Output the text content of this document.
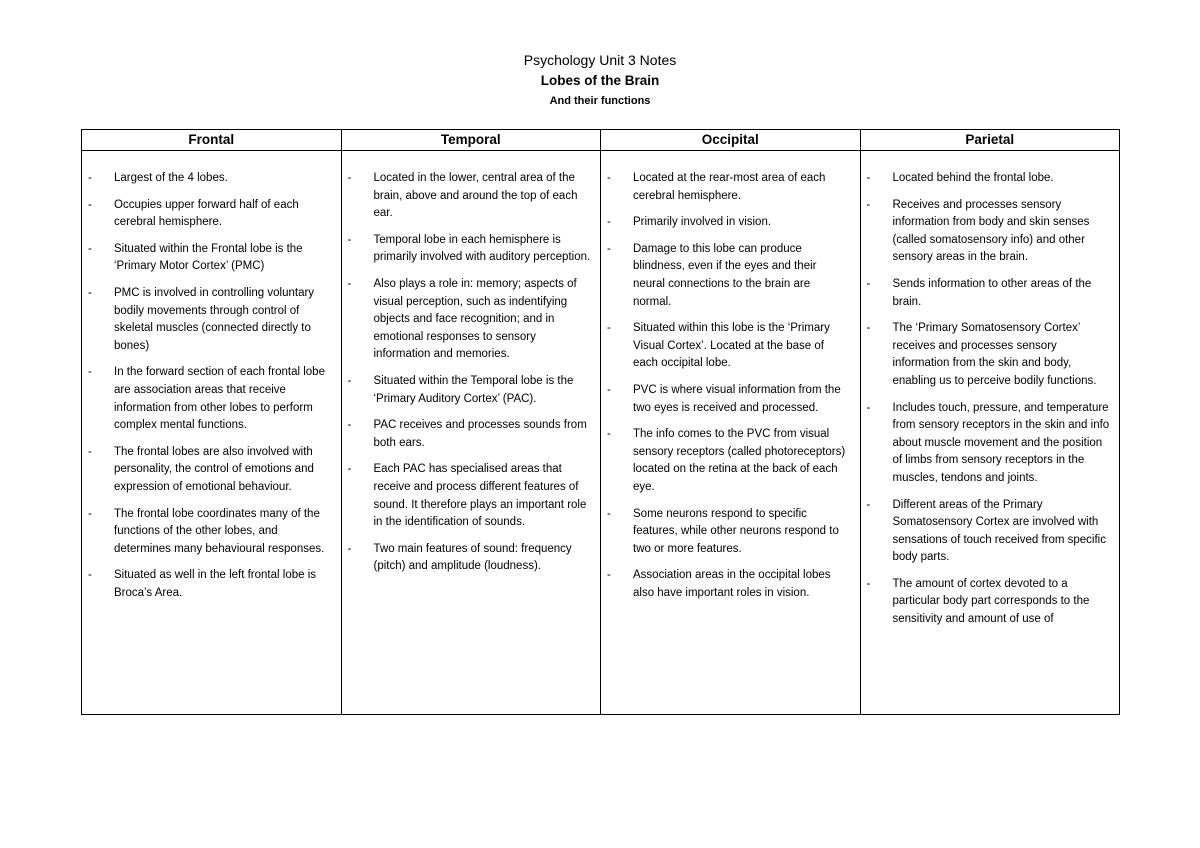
Psychology Unit 3 Notes
Lobes of the Brain
And their functions
Frontal
-	Largest of the 4 lobes.
-	Occupies upper forward half of each cerebral hemisphere.
-	Situated within the Frontal lobe is the ‘Primary Motor Cortex’ (PMC)
-	PMC is involved in controlling voluntary bodily movements through control of skeletal muscles (connected directly to bones)
-	In the forward section of each frontal lobe are association areas that receive information from other lobes to perform complex mental functions.
-	The frontal lobes are also involved with personality, the control of emotions and expression of emotional behaviour.
-	The frontal lobe coordinates many of the functions of the other lobes, and determines many behavioural responses.
-	Situated as well in the left frontal lobe is Broca’s Area.
Temporal
-	Located in the lower, central area of the brain, above and around the top of each ear.
-	Temporal lobe in each hemisphere is primarily involved with auditory perception.
-	Also plays a role in: memory; aspects of visual perception, such as indentifying objects and face recognition; and in emotional responses to sensory information and memories.
-	Situated within the Temporal lobe is the ‘Primary Auditory Cortex’ (PAC).
-	PAC receives and processes sounds from both ears.
-	Each PAC has specialised areas that receive and process different features of sound. It therefore plays an important role in the identification of sounds.
-	Two main features of sound: frequency (pitch) and amplitude (loudness).
Occipital
-	Located at the rear-most area of each cerebral hemisphere.
-	Primarily involved in vision.
-	Damage to this lobe can produce blindness, even if the eyes and their neural connections to the brain are normal.
-	Situated within this lobe is the ‘Primary Visual Cortex’. Located at the base of each occipital lobe.
-	PVC is where visual information from the two eyes is received and processed.
-	The info comes to the PVC from visual sensory receptors (called photoreceptors) located on the retina at the back of each eye.
-	Some neurons respond to specific features, while other neurons respond to two or more features.
-	Association areas in the occipital lobes also have important roles in vision.
Parietal
-	Located behind the frontal lobe.
-	Receives and processes sensory information from body and skin senses (called somatosensory info) and other sensory areas in the brain.
-	Sends information to other areas of the brain.
-	The ‘Primary Somatosensory Cortex’ receives and processes sensory information from the skin and body, enabling us to perceive bodily functions.
-	Includes touch, pressure, and temperature from sensory receptors in the skin and info about muscle movement and the position of limbs from sensory receptors in the muscles, tendons and joints.
-	Different areas of the Primary Somatosensory Cortex are involved with sensations of touch received from specific body parts.
-	The amount of cortex devoted to a particular body part corresponds to the sensitivity and amount of use of
